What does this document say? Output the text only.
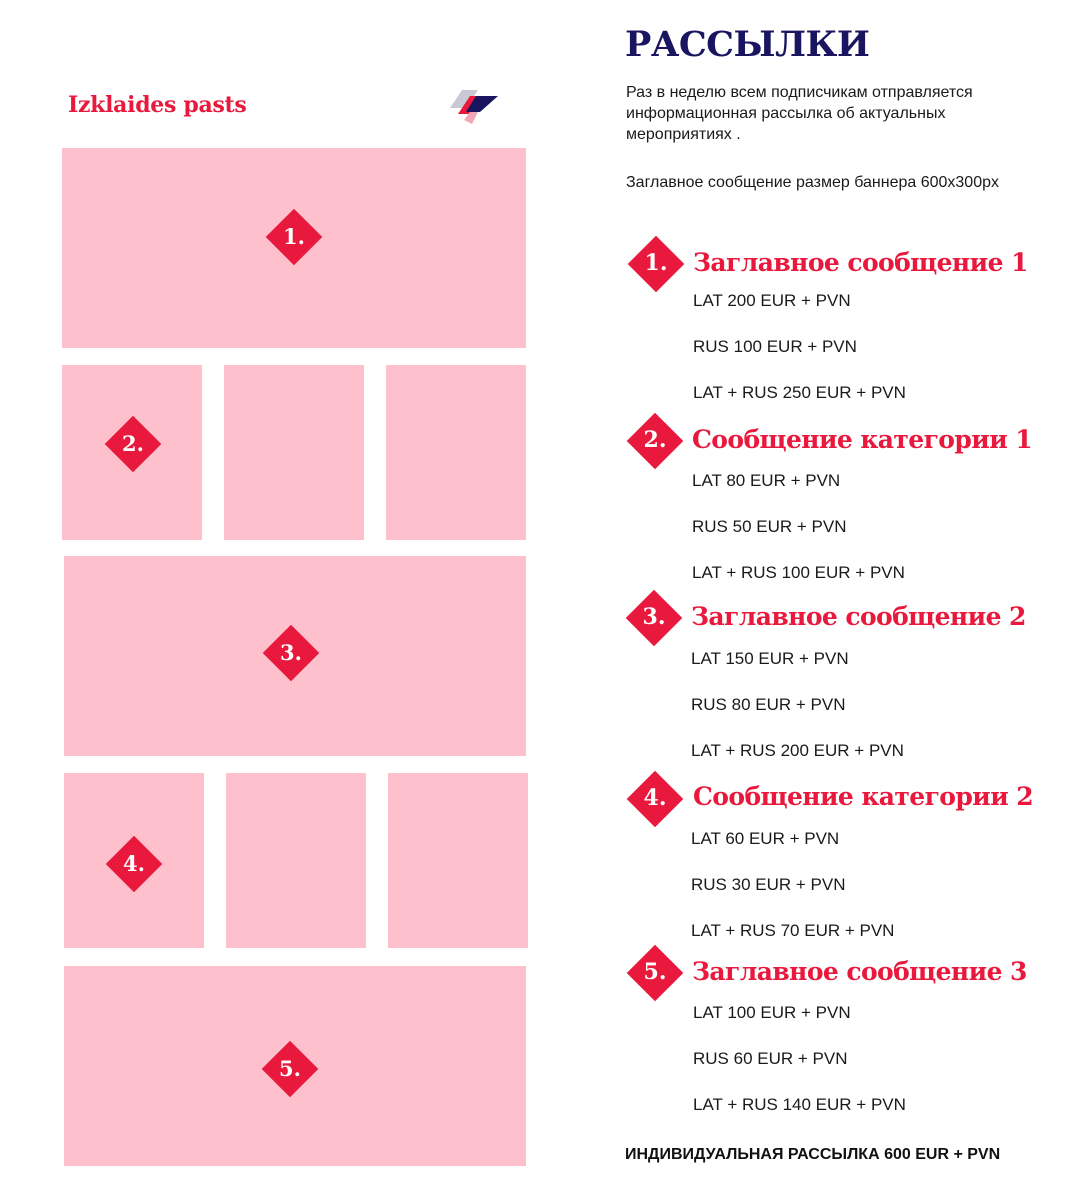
Izklaides pasts
1.
2.
3.
4.
5.
РАССЫЛКИ

Раз в неделю всем подписчикам отправляется информационная рассылка об актуальных мероприятиях .

Заглавное сообщение размер баннера 600x300px

1.	Заглавное сообщение 1
LAT 200 EUR + PVN
RUS 100 EUR + PVN
LAT + RUS 250 EUR + PVN
2.	Сообщение категории 1
LAT 80 EUR + PVN
RUS 50 EUR + PVN
LAT + RUS 100 EUR + PVN
3.	Заглавное сообщение 2
LAT 150 EUR + PVN
RUS 80 EUR + PVN
LAT + RUS 200 EUR + PVN
4.	Сообщение категории 2
LAT 60 EUR + PVN
RUS 30 EUR + PVN
LAT + RUS 70 EUR + PVN
5.	Заглавное сообщение 3
LAT 100 EUR + PVN
RUS 60 EUR + PVN
LAT + RUS 140 EUR + PVN
ИНДИВИДУАЛЬНАЯ РАССЫЛКА 600 EUR + PVN
